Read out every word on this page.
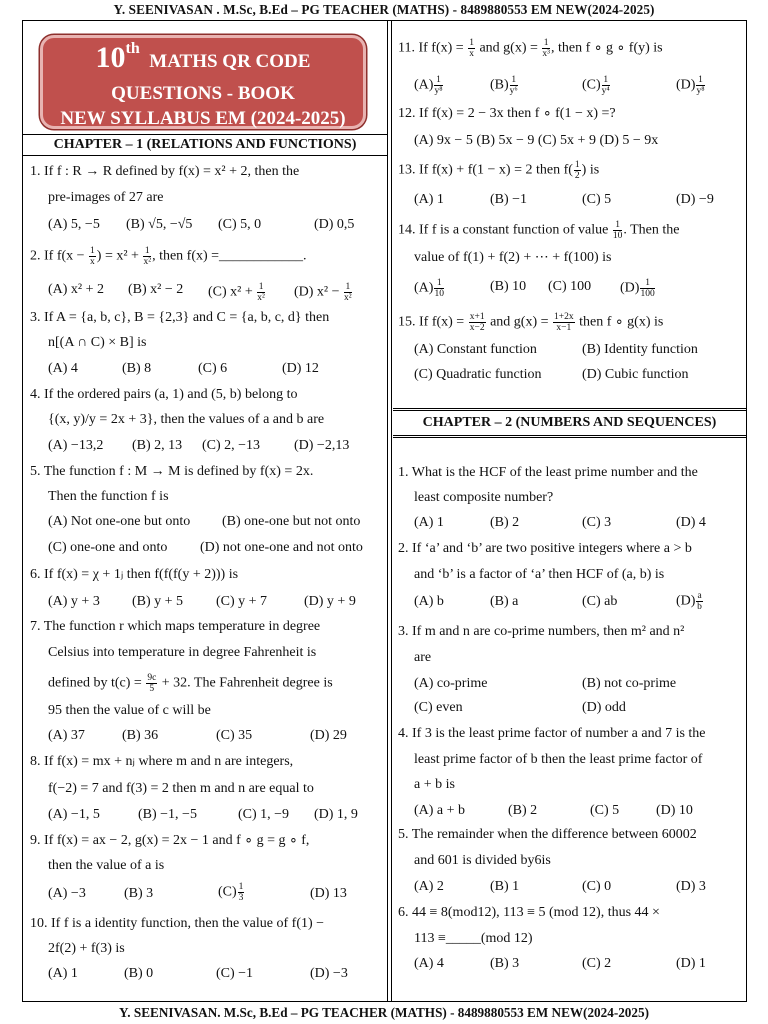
Y. SEENIVASAN . M.Sc, B.Ed – PG TEACHER (MATHS) - 8489880553 EM NEW(2024-2025)
10th  MATHS QR CODE
QUESTIONS - BOOK
NEW SYLLABUS EM (2024-2025)
CHAPTER – 1 (RELATIONS AND FUNCTIONS)
1. If f : R → R defined by f(x) = x² + 2, then the
pre-images of 27 are
(A) 5, −5 (B) √5, −√5 (C) 5, 0	(D) 0,5
2. If $f(x - \frac{1}{x}$ ) = $x^2 + \frac{1}{\text{x²}}$ , then f(x) =____________.
(A) x² + 2 (B) x² − 2 (C) $x^2 + \frac{1}{\text{x²}} (D) x^2 - \frac{1}{\text{x²}}$
3. If A = {a, b, c}, B = {2,3} and C = {a, b, c, d} then
n[(A ∩ C) × B] is
(A) 4	(B) 8	(C) 6	(D) 12
4. If the ordered pairs (a, 1) and (5, b) belong to
{(x, y)/y = 2x + 3}, then the values of a and b are
(A) −13,2 (B) 2, 13 (C) 2, −13 (D) −2,13
5. The function f : M → M is defined by f(x) = 2x.
Then the function f is
(A) Not one-one but onto (B) one-one but not onto
(C) one-one and onto (D) not one-one and not onto
6. If f(x) = χ + 1ⱼ then f(f(f(y + 2))) is
(A) y + 3 (B) y + 5 (C) y + 7	(D) y + 9
7. The function r which maps temperature in degree
Celsius into temperature in degree Fahrenheit is
defined by $t(c) = \frac{9c}{5} + 32$. The Fahrenheit degree is
95 then the value of c will be
(A) 37	(B) 36	(C) 35	(D) 29
8. If f(x) = mx + nⱼ where m and n are integers,
f(−2) = 7 and f(3) = 2 then m and n are equal to
(A) −1, 5	(B) −1, −5	(C) 1, −9 (D) 1, 9
9. If f(x) = ax − 2, g(x) = 2x − 1 and f ∘ g = g ∘ f,
then the value of a is
(A) −3	(B) 3	$(C) \frac{1}{3}$	(D) 13
10. If f is a identity function, then the value of f(1) −
2f(2) + f(3) is
(A) 1	(B) 0	(C) −1	(D) −3
11. If $f(x) = \frac{1}{x}$ and $g(x) = \frac{1}{\text{x³}}$ , then f ∘ g ∘ f(y) is
$(A) \frac{1}{\text{y⁸}}$	$(B) \frac{1}{\text{y⁶}}$	$(C) \frac{1}{\text{y⁴}}$	$(D) \frac{1}{\text{y⁸}}$
12. If f(x) = 2 − 3x then f ∘ f(1 − x) =?
(A) 9x − 5 (B) 5x − 9 (C) 5x + 9 (D) 5 − 9x
13. If f(x) + f(1 − x) = 2 then $f( \frac{1}{2}$ ) is
(A) 1	(B) −1	(C) 5	(D) −9
14. If f is a constant function of value $\frac{1}{10}$ . Then the
value of f(1) + f(2) + ⋯ + f(100) is
$(A) \frac{1}{10}$	(B) 10 (C) 100 $(D) \frac{1}{100}$
15. If $f(x) = \frac{x+1}{x-2}$ and $g(x) = \frac{1+2x}{x-1}$ then f ∘ g(x) is
(A) Constant function	(B) Identity function
(C) Quadratic function	(D) Cubic function
CHAPTER – 2 (NUMBERS AND SEQUENCES)
1. What is the HCF of the least prime number and the
least composite number?
(A) 1	(B) 2	(C) 3	(D) 4
2. If ‘a’ and ‘b’ are two positive integers where a > b
and ‘b’ is a factor of ‘a’ then HCF of (a, b) is
(A) b	(B) a	(C) ab	$(D) \frac{a}{b}$
3. If m and n are co-prime numbers, then m² and n²
are
(A) co-prime	(B) not co-prime
(C) even	(D) odd
4. If 3 is the least prime factor of number a and 7 is the
least prime factor of b then the least prime factor of
a + b is
(A) a + b	(B) 2	(C) 5	(D) 10
5. The remainder when the difference between 60002
and 601 is divided by6is
(A) 2	(B) 1	(C) 0	(D) 3
6. 44 ≡ 8(mod12), 113 ≡ 5 (mod 12), thus 44 ×
113 ≡_____(mod 12)
(A) 4	(B) 3	(C) 2	(D) 1
Y. SEENIVASAN. M.Sc, B.Ed – PG TEACHER (MATHS) - 8489880553 EM NEW(2024-2025)
